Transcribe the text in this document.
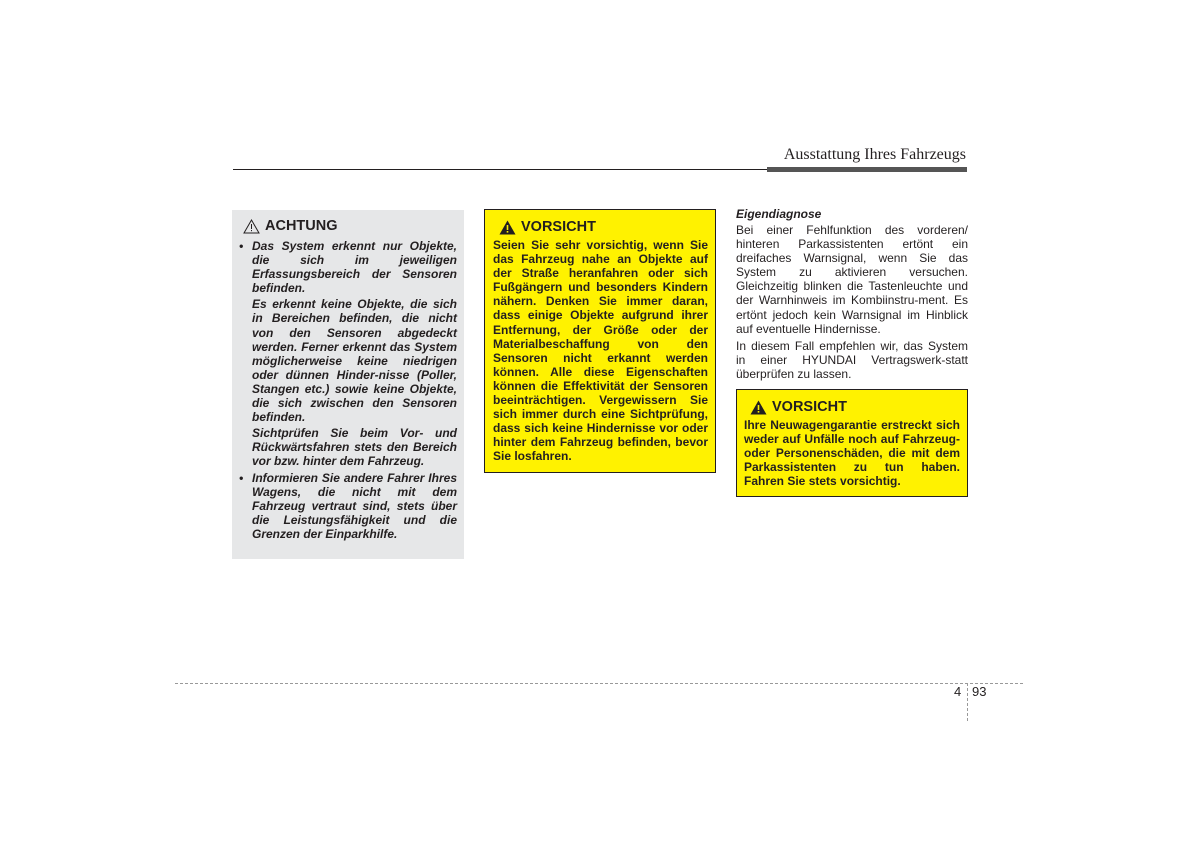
Ausstattung Ihres Fahrzeugs
ACHTUNG
• Das System erkennt nur Objekte, die sich im jeweiligen Erfassungsbereich der Sensoren befinden.

Es erkennt keine Objekte, die sich in Bereichen befinden, die nicht von den Sensoren abgedeckt werden. Ferner erkennt das System möglicherweise keine niedrigen oder dünnen Hinder-nisse (Poller, Stangen etc.) sowie keine Objekte, die sich zwischen den Sensoren befinden.

Sichtprüfen Sie beim Vor- und Rückwärtsfahren stets den Bereich vor bzw. hinter dem Fahrzeug.

• Informieren Sie andere Fahrer Ihres Wagens, die nicht mit dem Fahrzeug vertraut sind, stets über die Leistungsfähigkeit und die Grenzen der Einparkhilfe.

VORSICHT
Seien Sie sehr vorsichtig, wenn Sie das Fahrzeug nahe an Objekte auf der Straße heranfahren oder sich Fußgängern und besonders Kindern nähern. Denken Sie immer daran, dass einige Objekte aufgrund ihrer Entfernung, der Größe oder der Materialbeschaffung von den Sensoren nicht erkannt werden können. Alle diese Eigenschaften können die Effektivität der Sensoren beeinträchtigen. Vergewissern Sie sich immer durch eine Sichtprüfung, dass sich keine Hindernisse vor oder hinter dem Fahrzeug befinden, bevor Sie losfahren.
Eigendiagnose

Bei einer Fehlfunktion des vorderen/ hinteren Parkassistenten ertönt ein dreifaches Warnsignal, wenn Sie das System zu aktivieren versuchen. Gleichzeitig blinken die Tastenleuchte und der Warnhinweis im Kombiinstru-ment. Es ertönt jedoch kein Warnsignal im Hinblick auf eventuelle Hindernisse.

In diesem Fall empfehlen wir, das System in einer HYUNDAI Vertragswerk-statt überprüfen zu lassen.

VORSICHT
Ihre Neuwagengarantie erstreckt sich weder auf Unfälle noch auf Fahrzeug- oder Personenschäden, die mit dem Parkassistenten zu tun haben. Fahren Sie stets vorsichtig.
4 93
